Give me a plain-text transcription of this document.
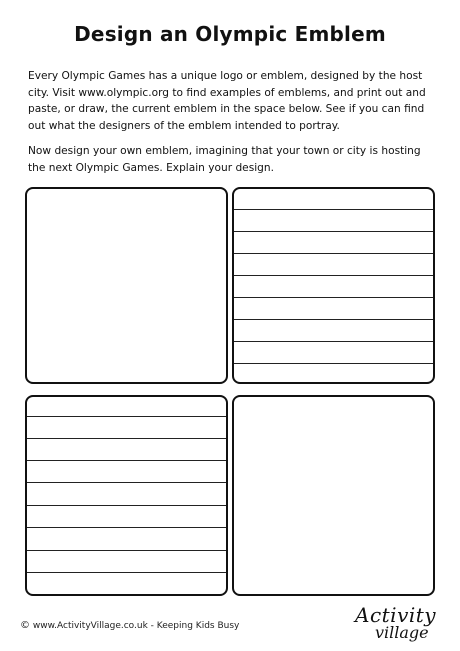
Design an Olympic Emblem

Every Olympic Games has a unique logo or emblem, designed by the host city. Visit www.olympic.org to find examples of emblems, and print out and paste, or draw, the current emblem in the space below. See if you can find out what the designers of the emblem intended to portray.

Now design your own emblem, imagining that your town or city is hosting the next Olympic Games. Explain your design.

© www.ActivityVillage.co.uk - Keeping Kids Busy	Activity
village
